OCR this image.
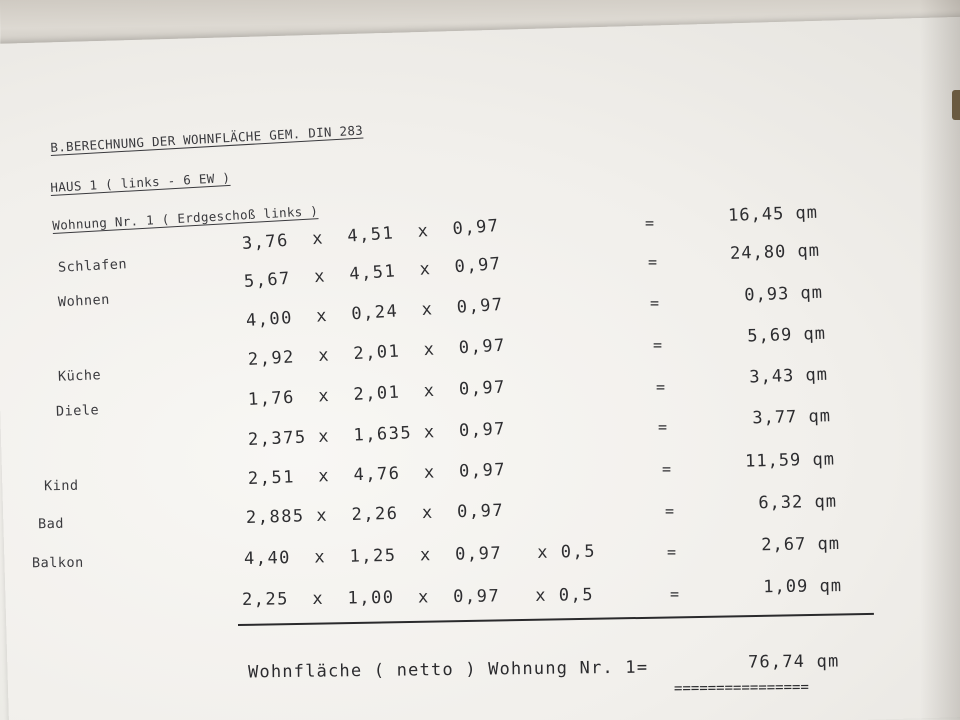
B.BERECHNUNG DER WOHNFLÄCHE GEM. DIN 283
HAUS 1 ( links - 6 EW )
Wohnung Nr. 1 ( Erdgeschoß links )
Schlafen
Wohnen
Küche
Diele
Kind
Bad
Balkon
3,76  x  4,51  x  0,97
5,67  x  4,51  x  0,97
4,00  x  0,24  x  0,97
2,92  x  2,01  x  0,97
1,76  x  2,01  x  0,97
2,375 x  1,635 x  0,97
2,51  x  4,76  x  0,97
2,885 x  2,26  x  0,97
4,40  x  1,25  x  0,97   x 0,5
2,25  x  1,00  x  0,97   x 0,5
=
=
=
=
=
=
=
=
=
=
16,45 qm
24,80 qm
0,93 qm
5,69 qm
3,43 qm
3,77 qm
11,59 qm
6,32 qm
2,67 qm
1,09 qm
Wohnfläche ( netto ) Wohnung Nr. 1=	76,74 qm
================
